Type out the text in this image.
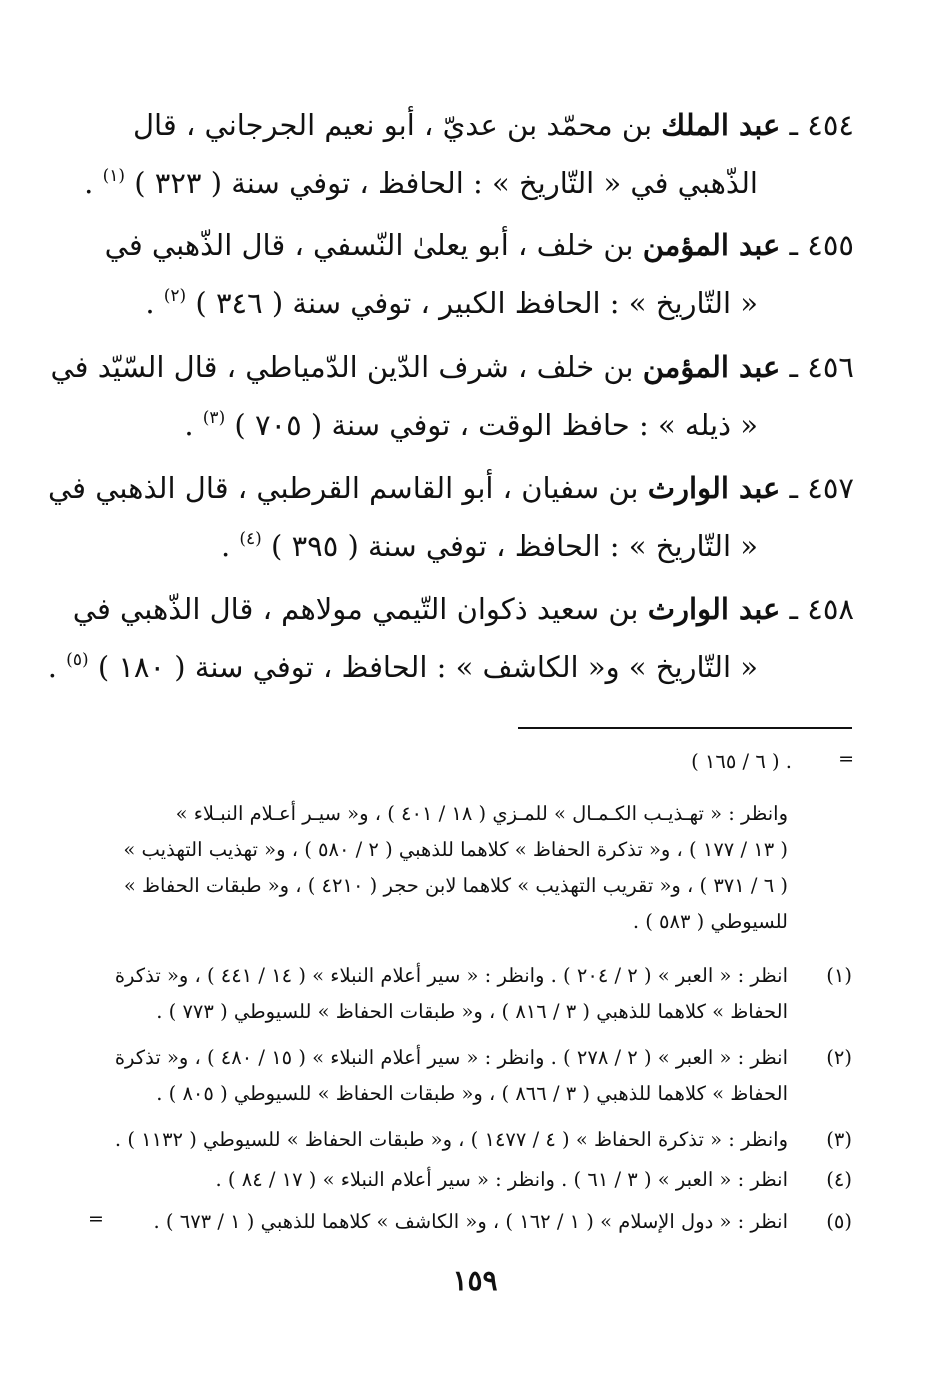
٤٥٤ ـ عبد الملك بن محمّد بن عديّ ، أبو نعيم الجرجاني ، قال
الذّهبي في « التّاريخ » : الحافظ ، توفي سنة ( ٣٢٣ ) $^{(١)}$ .
٤٥٥ ـ عبد المؤمن بن خلف ، أبو يعلىٰ النّسفي ، قال الذّهبي في
« التّاريخ » : الحافظ الكبير ، توفي سنة ( ٣٤٦ ) $^{(٢)}$ .
٤٥٦ ـ عبد المؤمن بن خلف ، شرف الدّين الدّمياطي ، قال السّيّد في
« ذيله » : حافظ الوقت ، توفي سنة ( ٧٠٥ ) $^{(٣)}$ .
٤٥٧ ـ عبد الوارث بن سفيان ، أبو القاسم القرطبي ، قال الذهبي في
« التّاريخ » : الحافظ ، توفي سنة ( ٣٩٥ ) $^{(٤)}$ .
٤٥٨ ـ عبد الوارث بن سعيد ذكوان التّيمي مولاهم ، قال الذّهبي في
« التّاريخ » و« الكاشف » : الحافظ ، توفي سنة ( ١٨٠ ) $^{(٥)}$ .
=
. ( ٦ / ١٦٥ )
وانظر : « تهـذيـب الكـمـال » للمـزي ( ١٨ / ٤٠١ ) ، و« سيـر أعـلام النبـلاء »
( ١٣ / ١٧٧ ) ، و« تذكرة الحفاظ » كلاهما للذهبي ( ٢ / ٥٨٠ ) ، و« تهذيب التهذيب »
( ٦ / ٣٧١ ) ، و« تقريب التهذيب » كلاهما لابن حجر ( ٤٢١٠ ) ، و« طبقات الحفاظ »
للسيوطي ( ٥٨٣ ) .
(١)
انظر : « العبر » ( ٢ / ٢٠٤ ) . وانظر : « سير أعلام النبلاء » ( ١٤ / ٤٤١ ) ، و« تذكرة
الحفاظ » كلاهما للذهبي ( ٣ / ٨١٦ ) ، و« طبقات الحفاظ » للسيوطي ( ٧٧٣ ) .
(٢)
انظر : « العبر » ( ٢ / ٢٧٨ ) . وانظر : « سير أعلام النبلاء » ( ١٥ / ٤٨٠ ) ، و« تذكرة
الحفاظ » كلاهما للذهبي ( ٣ / ٨٦٦ ) ، و« طبقات الحفاظ » للسيوطي ( ٨٠٥ ) .
(٣)
وانظر : « تذكرة الحفاظ » ( ٤ / ١٤٧٧ ) ، و« طبقات الحفاظ » للسيوطي ( ١١٣٢ ) .
(٤)
انظر : « العبر » ( ٣ / ٦١ ) . وانظر : « سير أعلام النبلاء » ( ١٧ / ٨٤ ) .
(٥)
انظر : « دول الإسلام » ( ١ / ١٦٢ ) ، و« الكاشف » كلاهما للذهبي ( ١ / ٦٧٣ ) .
=
١٥٩
